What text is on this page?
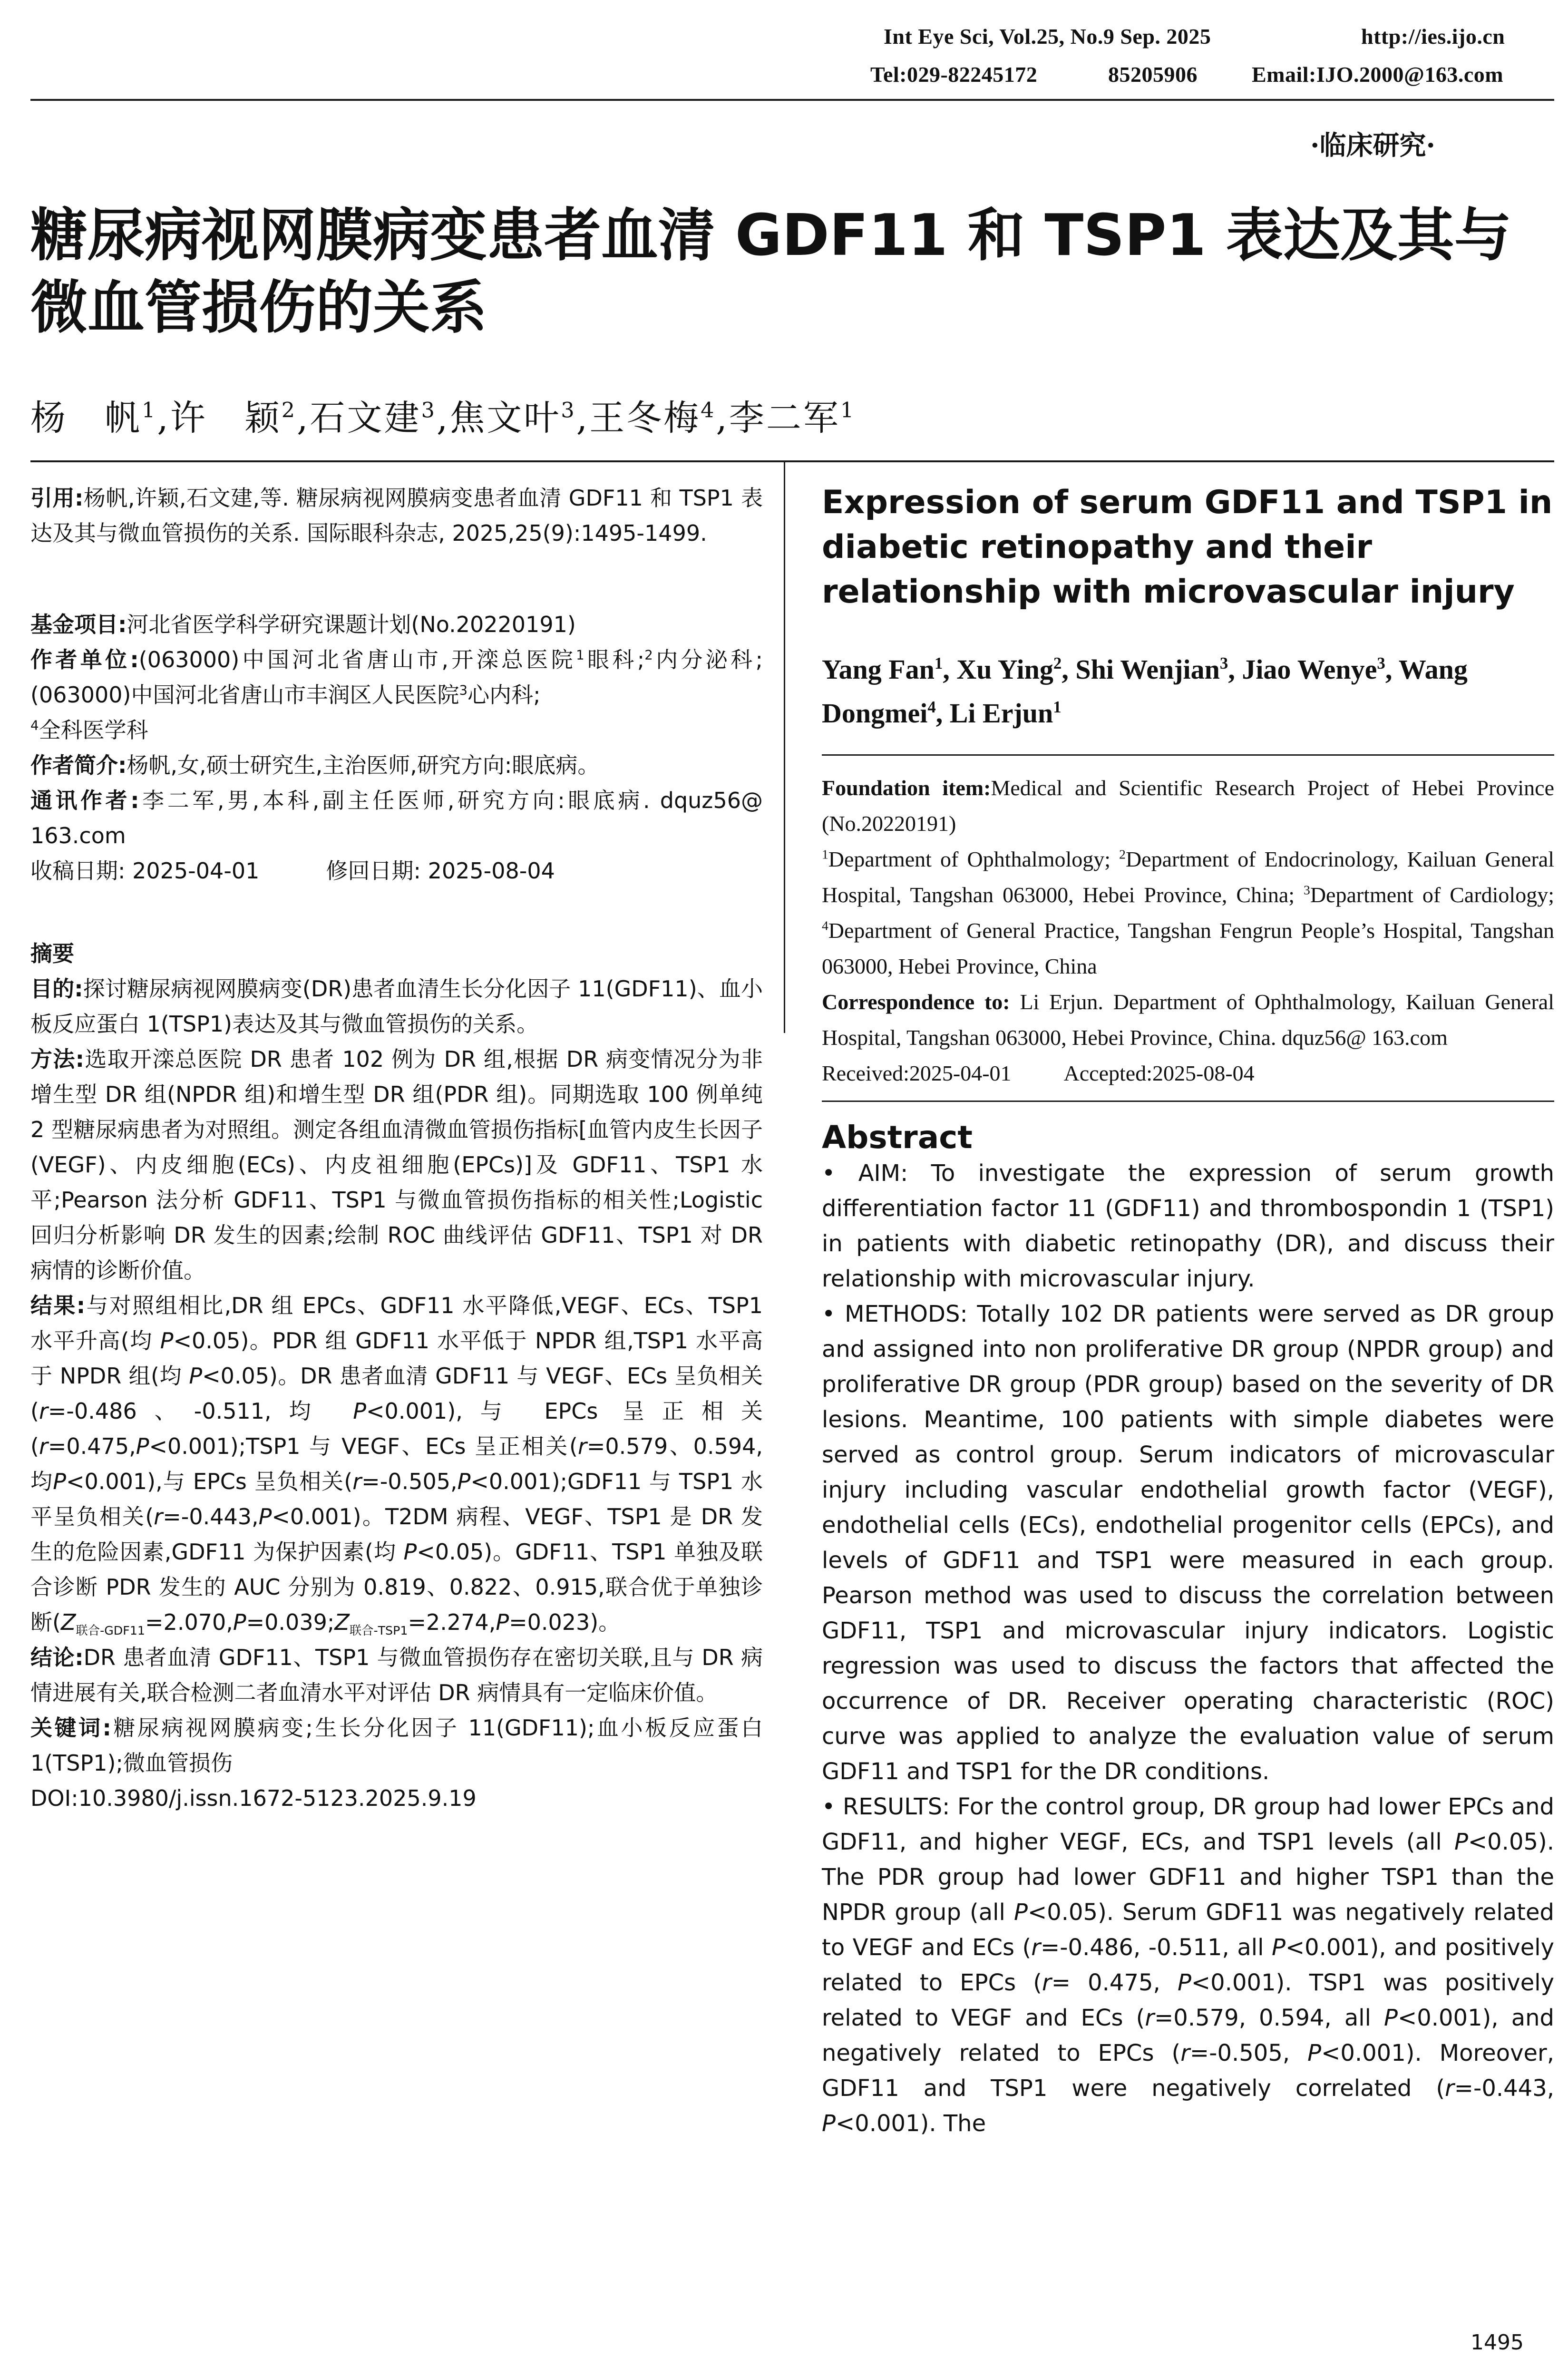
Int Eye Sci, Vol.25, No.9 Sep. 2025	http://ies.ijo.cn
Tel:029-82245172	85205906 Email:IJO.2000@163.com
·临床研究·
糖尿病视网膜病变患者血清 GDF11 和 TSP1 表达及其与微血管损伤的关系
杨　帆$^1$,许　颖$^2$,石文建$^3$,焦文叶$^3$,王冬梅$^4$,李二军$^1$

引用:杨帆,许颖,石文建,等. 糖尿病视网膜病变患者血清 GDF11 和 TSP1 表达及其与微血管损伤的关系. 国际眼科杂志, 2025,25(9):1495-1499.

基金项目:河北省医学科学研究课题计划(No.20220191)

作者单位:(063000)中国河北省唐山市,开滦总医院$^1$眼科;$^2$内分泌科;(063000)中国河北省唐山市丰润区人民医院$^3$心内科;
$^4$全科医学科

作者简介:杨帆,女,硕士研究生,主治医师,研究方向:眼底病。

通讯作者:李二军,男,本科,副主任医师,研究方向:眼底病. dquz56@ 163.com

收稿日期: 2025-04-01	修回日期: 2025-08-04

摘要

目的:探讨糖尿病视网膜病变(DR)患者血清生长分化因子 11(GDF11)、血小板反应蛋白 1(TSP1)表达及其与微血管损伤的关系。

方法:选取开滦总医院 DR 患者 102 例为 DR 组,根据 DR 病变情况分为非增生型 DR 组(NPDR 组)和增生型 DR 组(PDR 组)。同期选取 100 例单纯 2 型糖尿病患者为对照组。测定各组血清微血管损伤指标[血管内皮生长因子(VEGF)、内皮细胞(ECs)、内皮祖细胞(EPCs)]及 GDF11、TSP1 水平;Pearson 法分析 GDF11、TSP1 与微血管损伤指标的相关性;Logistic 回归分析影响 DR 发生的因素;绘制 ROC 曲线评估 GDF11、TSP1 对 DR 病情的诊断价值。

结果:与对照组相比,DR 组 EPCs、GDF11 水平降低,VEGF、ECs、TSP1 水平升高(均 P<0.05)。PDR 组 GDF11 水平低于 NPDR 组,TSP1 水平高于 NPDR 组(均 P<0.05)。DR 患者血清 GDF11 与 VEGF、ECs 呈负相关(r=-0.486、-0.511,均 P<0.001),与 EPCs 呈正相关(r=0.475,P<0.001);TSP1 与 VEGF、ECs 呈正相关(r=0.579、0.594,均P<0.001),与 EPCs 呈负相关(r=-0.505,P<0.001);GDF11 与 TSP1 水平呈负相关(r=-0.443,P<0.001)。T2DM 病程、VEGF、TSP1 是 DR 发生的危险因素,GDF11 为保护因素(均 P<0.05)。GDF11、TSP1 单独及联合诊断 PDR 发生的 AUC 分别为 0.819、0.822、0.915,联合优于单独诊断$(Z_{联合-GDF11}=2.070,P=0.039;Z_{联合-TSP1}=2.274,P=0.023)$。

结论:DR 患者血清 GDF11、TSP1 与微血管损伤存在密切关联,且与 DR 病情进展有关,联合检测二者血清水平对评估 DR 病情具有一定临床价值。

关键词:糖尿病视网膜病变;生长分化因子 11(GDF11);血小板反应蛋白 1(TSP1);微血管损伤

DOI:10.3980/j.issn.1672-5123.2025.9.19

Expression of serum GDF11 and TSP1 in diabetic retinopathy and their relationship with microvascular injury

Yang Fan$^1$, Xu Ying$^2$, Shi Wenjian$^3$, Jiao Wenye$^3$, Wang Dongmei$^4$, Li Erjun$^1$

Foundation item:Medical and Scientific Research Project of Hebei Province (No.20220191)

$^1$Department of Ophthalmology; $^2$Department of Endocrinology, Kailuan General Hospital, Tangshan 063000, Hebei Province, China; $^3$Department of Cardiology; $^4$Department of General Practice, Tangshan Fengrun People’s Hospital, Tangshan 063000, Hebei Province, China

Correspondence to: Li Erjun. Department of Ophthalmology, Kailuan General Hospital, Tangshan 063000, Hebei Province, China. dquz56@ 163.com

Received:2025-04-01 Accepted:2025-08-04

Abstract

• AIM: To investigate the expression of serum growth differentiation factor 11 (GDF11) and thrombospondin 1 (TSP1) in patients with diabetic retinopathy (DR), and discuss their relationship with microvascular injury.

• METHODS: Totally 102 DR patients were served as DR group and assigned into non proliferative DR group (NPDR group) and proliferative DR group (PDR group) based on the severity of DR lesions. Meantime, 100 patients with simple diabetes were served as control group. Serum indicators of microvascular injury including vascular endothelial growth factor (VEGF), endothelial cells (ECs), endothelial progenitor cells (EPCs), and levels of GDF11 and TSP1 were measured in each group. Pearson method was used to discuss the correlation between GDF11, TSP1 and microvascular injury indicators. Logistic regression was used to discuss the factors that affected the occurrence of DR. Receiver operating characteristic (ROC) curve was applied to analyze the evaluation value of serum GDF11 and TSP1 for the DR conditions.

• RESULTS: For the control group, DR group had lower EPCs and GDF11, and higher VEGF, ECs, and TSP1 levels (all P<0.05). The PDR group had lower GDF11 and higher TSP1 than the NPDR group (all P<0.05). Serum GDF11 was negatively related to VEGF and ECs (r=-0.486, -0.511, all P<0.001), and positively related to EPCs (r= 0.475, P<0.001). TSP1 was positively related to VEGF and ECs (r=0.579, 0.594, all P<0.001), and negatively related to EPCs (r=-0.505, P<0.001). Moreover, GDF11 and TSP1 were negatively correlated (r=-0.443, P<0.001). The

1495
